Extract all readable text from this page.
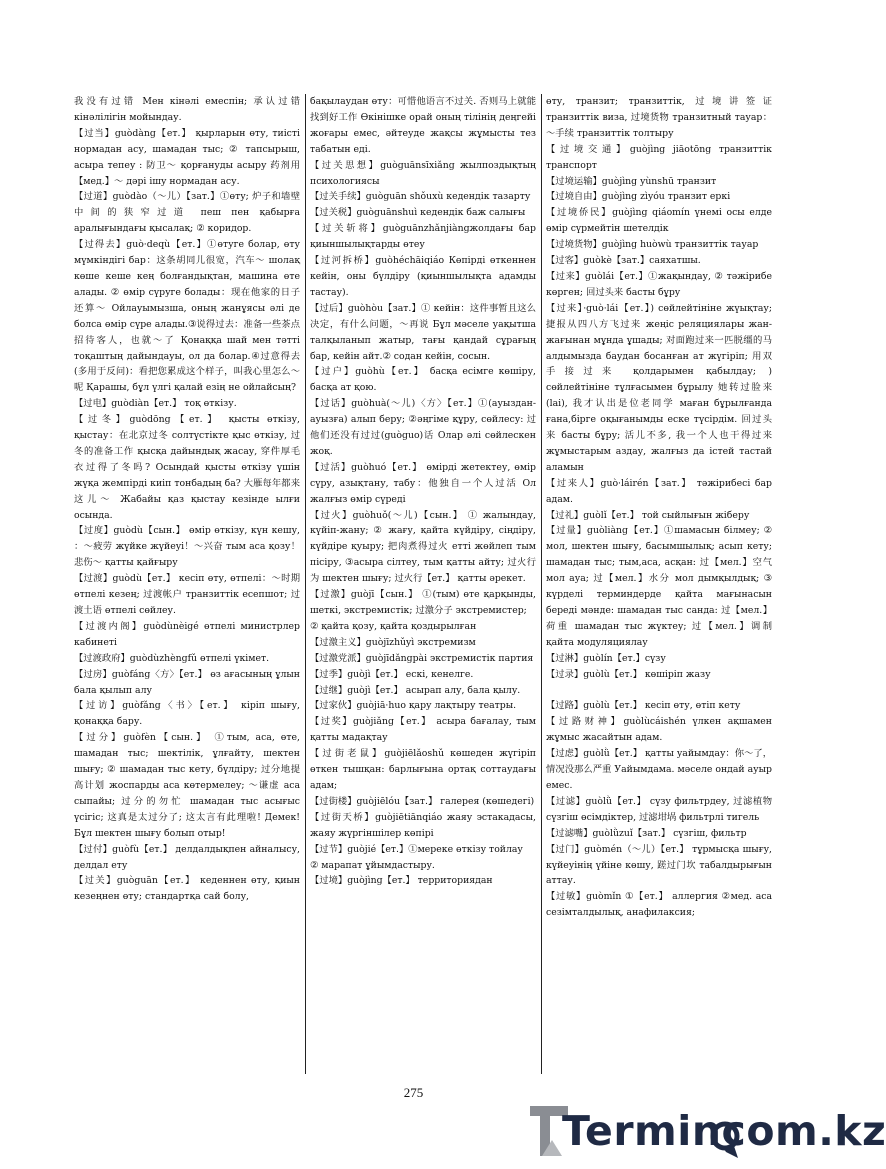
我没有过错 Мен кінәлі емеспін; 承认过错 кінәлілігін мойындау.

【过当】guòdàng【ет.】 қырларын өту, тиісті нормадан асу, шамадан тыс; ② тапсырыш, асыра тепеу : 防卫～ қорғануды асыру 药剂用【мед.】～ дәрі ішу нормадан асу.

【过道】guòdào（～儿）【зат.】①өту; 炉子和墙壁中间的狭窄过道 пеш пен қабырға аралығындағы қысалақ; ② коридор.

【过得去】guò·deqù【ет.】①өтуге болар, өту мүмкіндігі бар：这条胡同儿很宽，汽车～ шолақ көше кеше кең болғандықтан, машина өте алады. ② өмір сүруге болады：现在他家的日子还算～ Ойлауымызша, оның жанұясы әлі де болса өмір сүре алады.③说得过去：准备一些茶点招待客人，也就～了 Қонаққа шай мен тәтті тоқаштың дайындауы, ол да болар.④过意得去(多用于反问)：看把您累成这个样子，叫我心里怎么～呢 Қарашы, бұл үлгі қалай езің не ойлайсың?

【过电】guòdiàn【ет.】 тоқ өткізу.

【过冬】guòdōng【ет.】 қысты өткізу, қыстау：在北京过冬 солтүстікте қыс өткізу, 过冬的准备工作 қысқа дайындық жасау, 穿件厚毛衣过得了冬吗? Осындай қысты өткізу үшін жүқа жемпірді киіп тонбадың ба? 大雁每年都来这儿～ Жабайы қаз қыстау кезінде ылғи осында.

【过度】guòdù【сын.】 өмір өткізу, күн кешу, ：～疲劳 жүйке жүйеуі！～兴奋 тым аса қозу！悲伤～ қатты қайғыру

【过渡】guòdù【ет.】 кесіп өту, өтпелі：～时期 өтпелі кезең; 过渡帐户 транзиттік есепшот; 过渡土语 өтпелі сөйлеу.

【过渡内阁】guòdùnèigé өтпелі министрлер кабинеті

【过渡政府】guòdùzhèngfǔ өтпелі үкімет.

【过房】guòfáng〈方〉【ет.】 өз ағасының ұлын бала қылып алу

【过访】guòfǎng〈书〉【ет.】 кіріп шығу, қонаққа бару.

【过分】guòfèn【сын.】 ①тым, аса, өте, шамадан тыс; шектілік, ұлғайту, шектен шығу; ② шамадан тыс кету, бүлдіру; 过分地提高计划 жоспарды аса көтермелеу; ～谦虚 аса сыпайы; 过分的勿忙 шамадан тыс асығыс үсігіс; 这真是太过分了; 这太言有此理啦! Демек! Бұл шектен шығу болып отыр!

【过付】guòfù【ет.】 делдалдықпен айналысу, делдал ету

【过关】guòguān【ет.】 кеденнен өту, қиын кезеңнен өту; стандартқа сай болу,

бақылаудан өту：可惜他语言不过关. 否则马上就能找到好工作 Өкінішке орай оның тілінің деңгейі жоғары емес, әйтеуде жақсы жұмысты тез табатын еді.

【过关思想】guòguānsīxiǎng жылпоздықтың психологиясы

【过关手续】guòguān shǒuxù кедендік тазарту

【过关税】guòguānshuì кедендік баж салығы

【过关斩将】guòguānzhǎnjiàngжолдағы бар қиыншылықтарды өтеу

【过河拆桥】guòhéchāiqiáo Көпірді өткеннен кейін, оны бүлдіру (қиыншылықта адамды тастау).

【过后】guòhòu【зат.】① кейін：这件事暂且这么决定，有什么问题，～再说 Бұл мәселе уақытша талқыланып жатыр, тағы қандай сұрағың бар, кейін айт.② содан кейін, сосын.

【过户】guòhù【ет.】 басқа есімге көшіру, басқа ат қою.

【过话】guòhuà(～儿)〈方〉【ет.】①(ауыздан-ауызға) алып беру; ②әңгіме құру, сөйлесу: 过他们还没有过过(guòguo)话 Олар әлі сөйлескен жоқ.

【过活】guòhuó【ет.】 өмірді жетектеу, өмір сүру, азықтану, табу：他独自一个人过活 Ол жалғыз өмір сүреді

【过火】guòhuǒ(～儿)【сын.】 ① жалындау, күйіп-жану; ② жағу, қайта күйдіру, сіңдіру, күйдіре қуыру; 把肉煮得过火 етті жөйлеп тым пісіру, ③асыра сілтеу, тым қатты айту; 过火行为 шектен шығу; 过火行【ет.】 қатты әрекет.

【过激】guòjī【сын.】 ①(тым) өте қарқынды, шеткі, экстремистік; 过激分子 экстремистер;

② қайта қозу, қайта қоздырылған

【过激主义】guòjīzhǔyì экстремизм

【过激党派】guòjīdǎngpài экстремистік партия

【过季】guòjì【ет.】 ескі, кенелге.

【过继】guòjì【ет.】 асырап алу, бала қылу.

【过家伙】guòjiā·huo қару лақтыру театры.

【过奖】guòjiǎng【ет.】 асыра бағалау, тым қатты мадақтау

【过街老鼠】guòjiēlǎoshǔ көшеден жүгіріп өткен тышқан: барлығына ортақ соттаудағы адам;

【过街楼】guòjiēlóu【зат.】 галерея (көшедегі)

【过街天桥】guòjiētiānqiáo жаяу эстакадасы, жаяу жүргіншілер көпірі

【过节】guòjié【ет.】①мерекe өткізу тойлау

② марапат ұйымдастыру.

【过境】guòjìng【ет.】 территориядан

өту, транзит; транзиттік, 过境讲签证 транзиттік виза, 过境货物 транзитный тауар：～手续 транзиттік толтыру

【过境交通】guòjìng jiāotōng транзиттік транспорт

【过境运输】guòjìng yùnshū транзит

【过境自由】guòjìng zìyóu транзит еркі

【过境侨民】guòjìng qiáomín үнемі осы елде өмір сүрмейтін шетелдік

【过境货物】guòjìng huòwù транзиттік тауар

【过客】guòkè【зат.】саяхатшы.

【过来】guòlái【ет.】①жақындау, ② тәжірибе көрген; 回过头来 басты бұру

【过来】·guò·lái【ет.】) сөйлейтініне жүықтау; 捷报从四八方飞过来 жеңіс реляциялары жан-жағынан мұнда ұшады; 对面跑过来一匹脱缰的马 алдымызда баудан босанған ат жүгіріп; 用双手接过来 қолдарымен қабылдау; ) сөйлейтініне тұлғасымен бұрылу 她转过脸来(lai), 我才认出是位老同学 маған бұрылғанда ғана,бірге оқығанымды еске түсірдім. 回过头来 басты бұру; 活儿不多, 我一个人也干得过来 жұмыстарым аздау, жалғыз да істей тастай аламын

【过来人】guò·láirén【зат.】 тәжірибесі бар адам.

【过礼】guòlǐ【ет.】 той сыйлығын жіберу

【过量】guòliàng【ет.】①шамасын білмеу; ② мол, шектен шығу, басымшылық; асып кету; шамадан тыс; тым,аса, асқан: 过【мел.】空气 мол ауа; 过【мел.】水分 мол дымқылдық; ③ күрделі терминдерде қайта мағынасын береді мәнде: шамадан тыс санда: 过【мел.】荷重 шамадан тыс жүктеу; 过【мел.】调制 қайта модуляциялау

【过淋】guòlín【ет.】сүзу

【过录】guòlù【ет.】 көшіріп жазу

【过路】guòlù【ет.】 кесіп өту, өтіп кету

【过路财神】guòlùcáishén үлкен ақшамен жұмыс жасайтын адам.

【过虑】guòlǜ【ет.】 қатты уайымдау：你～了，情况没那么严重 Уайымдама. мәселе ондай ауыр емес.

【过滤】guòlǜ【ет.】 сүзу фильтрдеу, 过滤植物 сүзгіш өсімдіктер, 过滤坩埚 фильтрлі тигель

【过滤嘴】guòlǜzuǐ【зат.】 сүзгіш, фильтр

【过门】guòmén（～儿）【ет.】 тұрмысқа шығу, күйеуінің үйіне көшу, 蹉过门坎 табалдырығын аттау.

【过敏】guòmǐn ①【ет.】 аллергия ②мед. аса сезімталдылық, анафилаксия;

275
Termincom.kz
